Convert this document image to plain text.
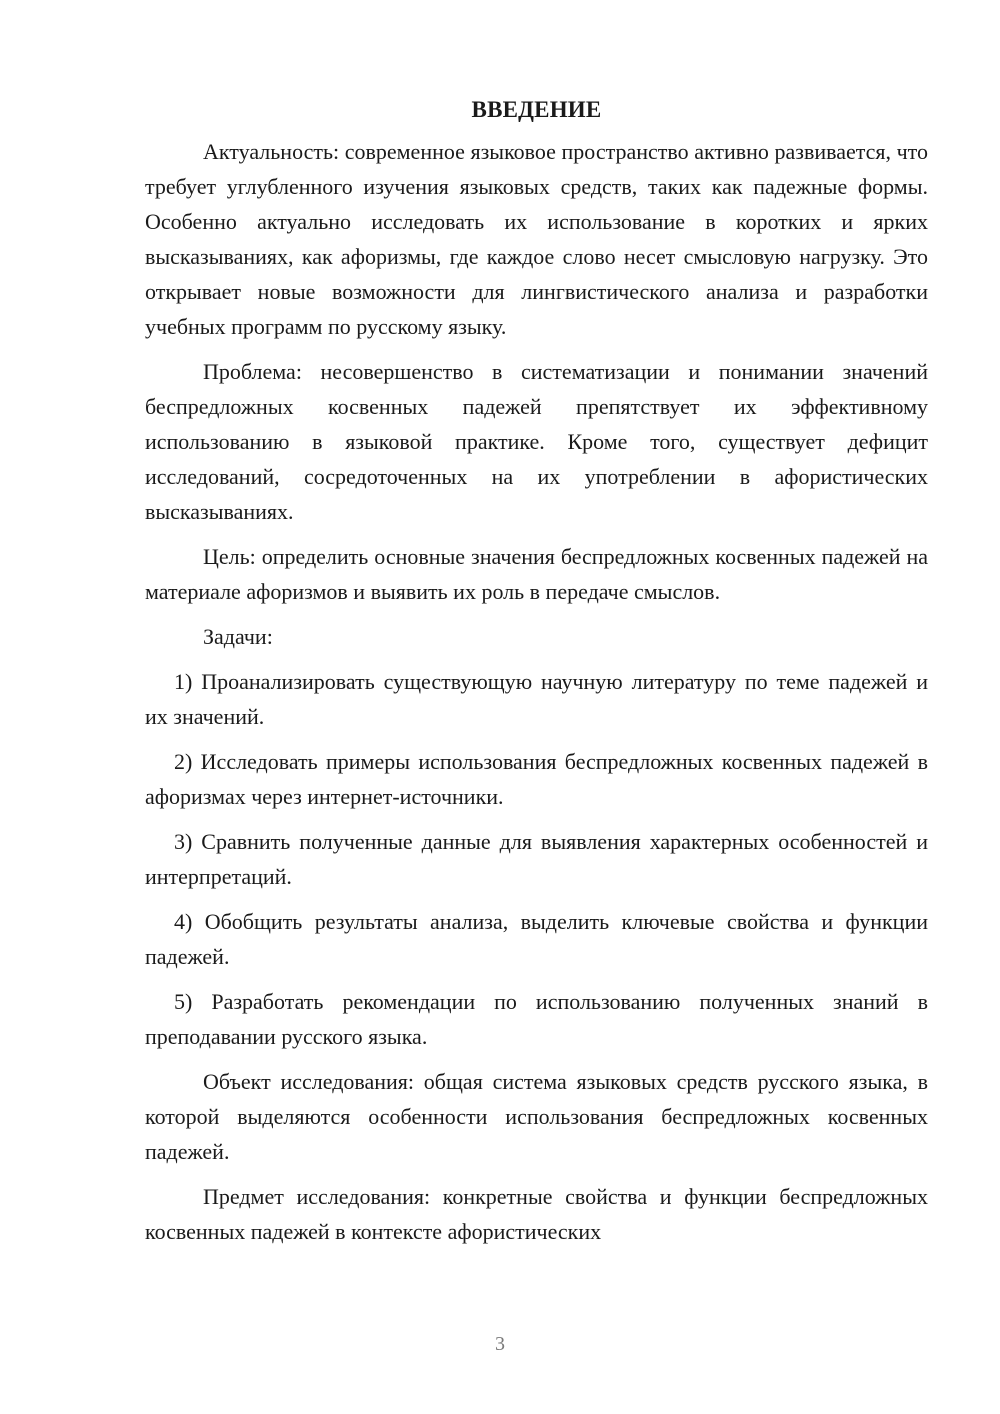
ВВЕДЕНИЕ

Актуальность: современное языковое пространство активно развивается, что требует углубленного изучения языковых средств, таких как падежные формы. Особенно актуально исследовать их использование в коротких и ярких высказываниях, как афоризмы, где каждое слово несет смысловую нагрузку. Это открывает новые возможности для лингвистического анализа и разработки учебных программ по русскому языку.

Проблема: несовершенство в систематизации и понимании значений беспредложных косвенных падежей препятствует их эффективному использованию в языковой практике. Кроме того, существует дефицит исследований, сосредоточенных на их употреблении в афористических высказываниях.

Цель: определить основные значения беспредложных косвенных падежей на материале афоризмов и выявить их роль в передаче смыслов.

Задачи:

1) Проанализировать существующую научную литературу по теме падежей и их значений.

2) Исследовать примеры использования беспредложных косвенных падежей в афоризмах через интернет-источники.

3) Сравнить полученные данные для выявления характерных особенностей и интерпретаций.

4) Обобщить результаты анализа, выделить ключевые свойства и функции падежей.

5) Разработать рекомендации по использованию полученных знаний в преподавании русского языка.

Объект исследования: общая система языковых средств русского языка, в которой выделяются особенности использования беспредложных косвенных падежей.

Предмет исследования: конкретные свойства и функции беспредложных косвенных падежей в контексте афористических

3
